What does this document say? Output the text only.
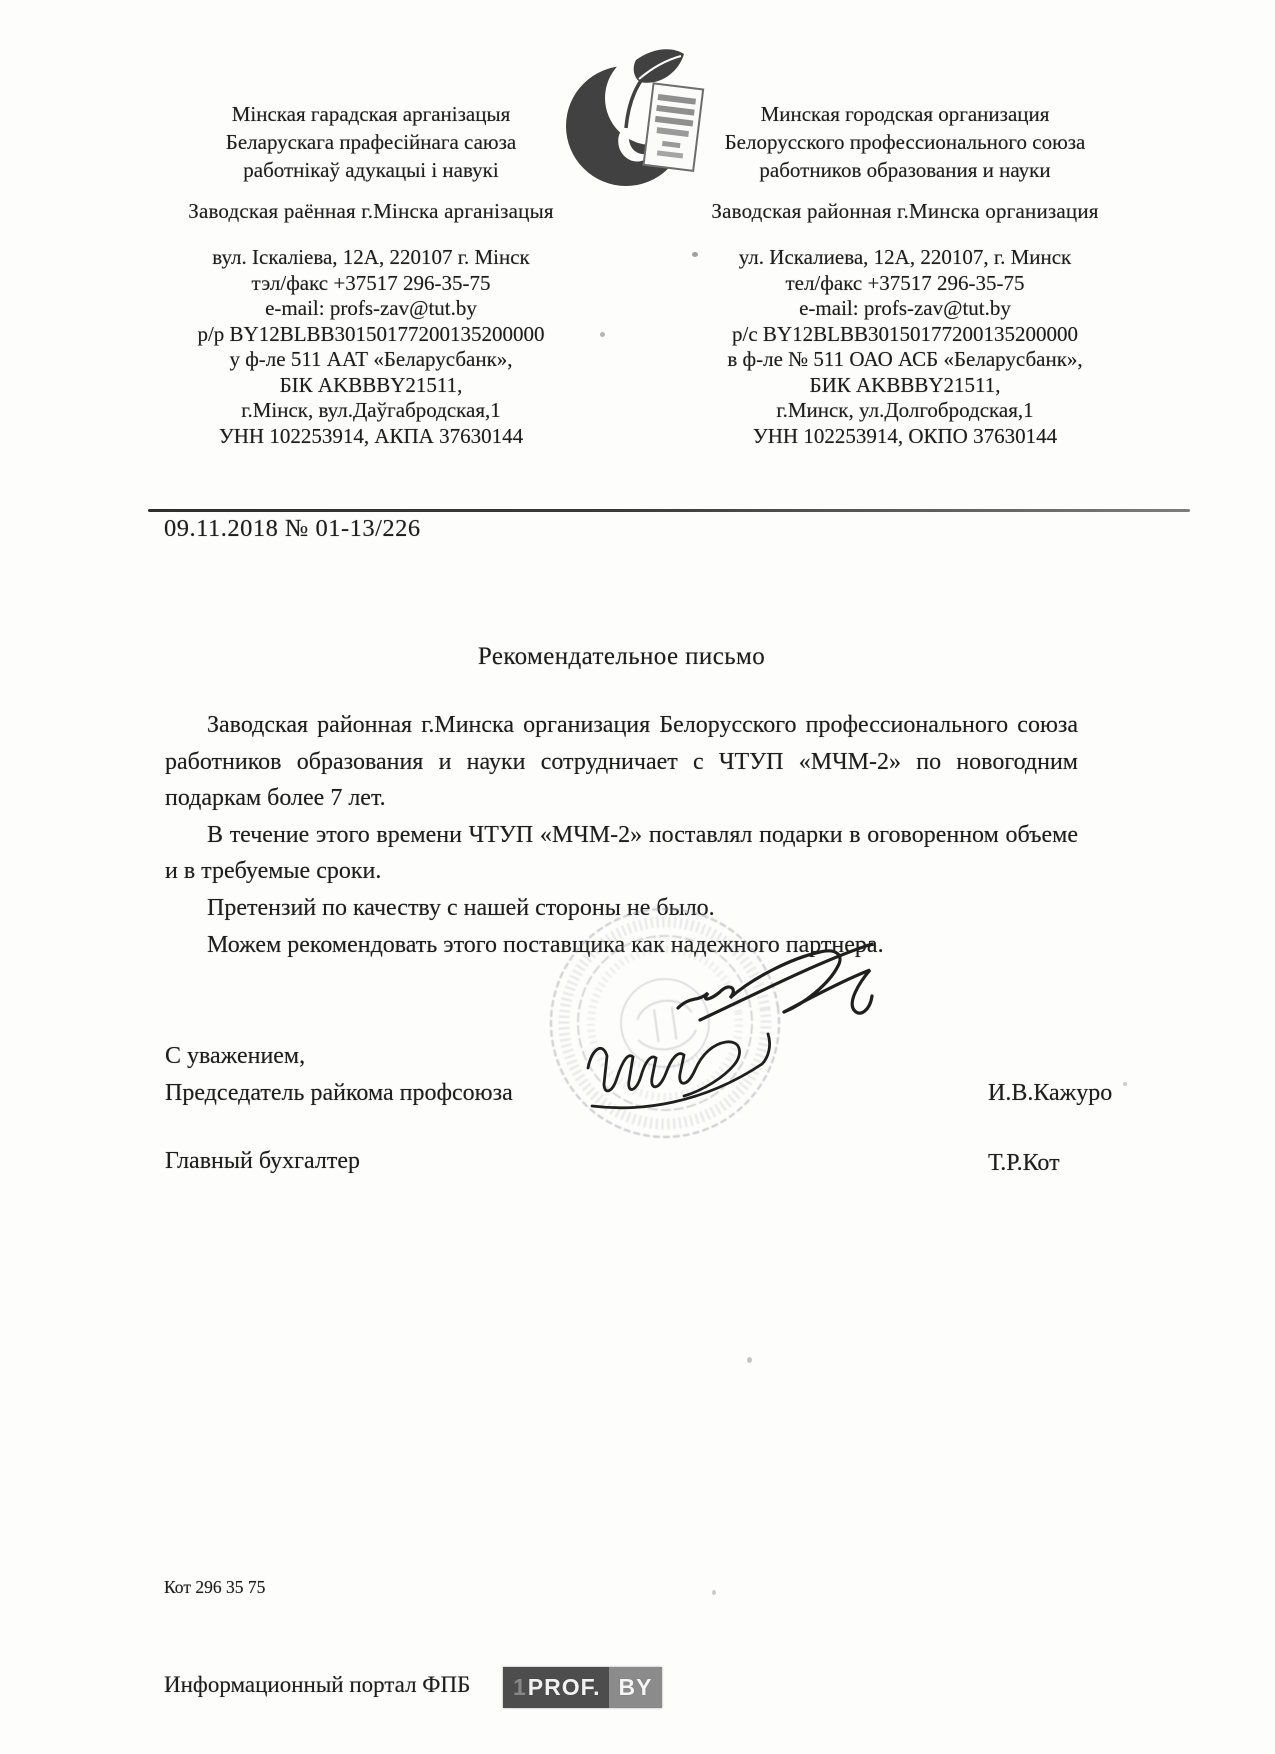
Мінская гарадская арганізацыя
Беларускага прафесійнага саюза
работнікаў адукацыі і навукі
Заводская раённая г.Мінска арганізацыя
вул. Іскаліева, 12А, 220107 г. Мінск
тэл/факс +37517 296-35-75
e-mail: profs-zav@tut.by
р/р BY12BLBB30150177200135200000
у ф-ле 511 ААТ «Беларусбанк»,
БІК AKBBBY21511,
г.Мінск, вул.Даўгабродская,1
УНН 102253914, АКПА 37630144
Минская городская организация
Белорусского профессионального союза
работников образования и науки
Заводская районная г.Минска организация
ул. Искалиева, 12А, 220107, г. Минск
тел/факс +37517 296-35-75
e-mail: profs-zav@tut.by
р/с BY12BLBB30150177200135200000
в ф-ле № 511 ОАО АСБ «Беларусбанк»,
БИК AKBBBY21511,
г.Минск, ул.Долгобродская,1
УНН 102253914, ОКПО 37630144
09.11.2018 № 01-13/226
Рекомендательное письмо

Заводская районная г.Минска организация Белорусского профессионального союза работников образования и науки сотрудничает с ЧТУП «МЧМ-2» по новогодним подаркам более 7 лет.

В течение этого времени ЧТУП «МЧМ-2» поставлял подарки в оговоренном объеме и в требуемые сроки.

Претензий по качеству с нашей стороны не было.

Можем рекомендовать этого поставщика как надежного партнера.

С уважением,
Председатель райкома профсоюза	И.В.Кажуро
Главный бухгалтер	Т.Р.Кот
Кот 296 35 75
Информационный портал ФПБ 1 PROF. BY
